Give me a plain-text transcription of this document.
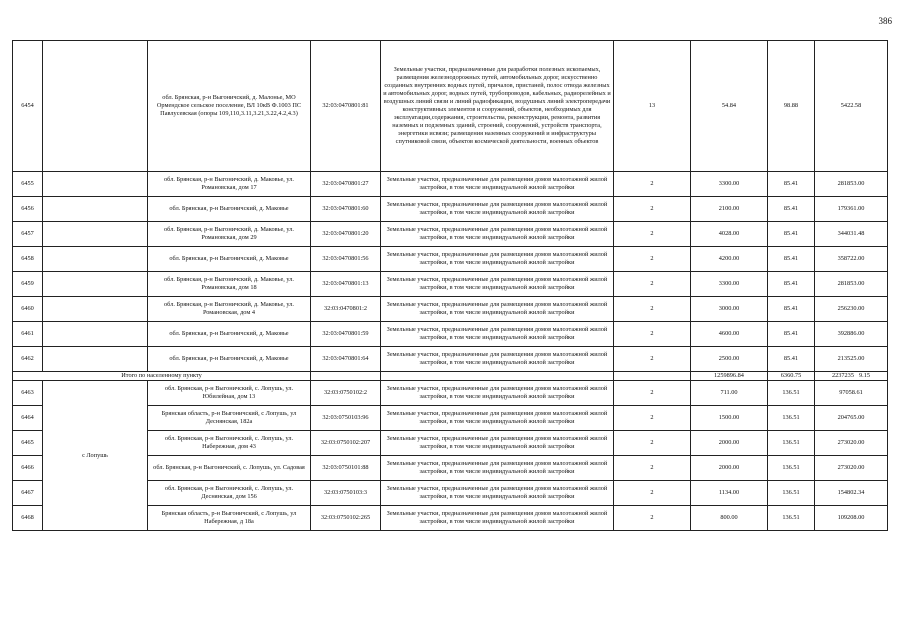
386
6454		обл. Брянская, р-н Выгоничский, д. Малонье, МО Ормендское сельское поселение, ВЛ 10кВ Ф.1003 ПС Павлусевская (опоры 109,110,3.11,3.21,3.22,4.2,4.3)	32:03:0470801:81	Земельные участки, предназначенные для разработки полезных ископаемых, размещения железнодорожных путей, автомобильных дорог, искусственно созданных внутренних водных путей, причалов, пристаней, полос отвода железных и автомобильных дорог, водных путей, трубопроводов, кабельных, радиорелейных и воздушных линий связи и линий радиофикации, воздушных линий электропередачи конструктивных элементов и сооружений, объектов, необходимых для эксплуатации,содержания, строительства, реконструкции, ремонта, развития наземных и подземных зданий, строений, сооружений, устройств транспорта, энергетики исвязи; размещения наземных сооружений и инфраструктуры спутниковой связи, объектов космической деятельности, военных объектов	13	54.84	98.88	5422.58
6455		обл. Брянская, р-н Выгоничский, д. Маковье, ул. Романовская, дом 17	32:03:0470801:27	Земельные участки, предназначенные для размещения домов малоэтажной жилой застройки, в том числе индивидуальной жилой застройки	2	3300.00	85.41	281853.00
6456		обл. Брянская, р-н Выгоничский, д. Маковье	32:03:0470801:60	Земельные участки, предназначенные для размещения домов малоэтажной жилой застройки, в том числе индивидуальной жилой застройки	2	2100.00	85.41	179361.00
6457		обл. Брянская, р-н Выгоничский, д. Маковье, ул. Романовская, дом 29	32:03:0470801:20	Земельные участки, предназначенные для размещения домов малоэтажной жилой застройки, в том числе индивидуальной жилой застройки	2	4028.00	85.41	344031.48
6458		обл. Брянская, р-н Выгоничский, д. Маковье	32:03:0470801:56	Земельные участки, предназначенные для размещения домов малоэтажной жилой застройки, в том числе индивидуальной жилой застройки	2	4200.00	85.41	358722.00
6459		обл. Брянская, р-н Выгоничский, д. Маковье, ул. Романовская, дом 18	32:03:0470801:13	Земельные участки, предназначенные для размещения домов малоэтажной жилой застройки, в том числе индивидуальной жилой застройки	2	3300.00	85.41	281853.00
6460		обл. Брянская, р-н Выгоничский, д. Маковье, ул. Романовская, дом 4	32:03:0470801:2	Земельные участки, предназначенные для размещения домов малоэтажной жилой застройки, в том числе индивидуальной жилой застройки	2	3000.00	85.41	256230.00
6461		обл. Брянская, р-н Выгоничский, д. Маковье	32:03:0470801:59	Земельные участки, предназначенные для размещения домов малоэтажной жилой застройки, в том числе индивидуальной жилой застройки	2	4600.00	85.41	392886.00
6462		обл. Брянская, р-н Выгоничский, д. Маковье	32:03:0470801:64	Земельные участки, предназначенные для размещения домов малоэтажной жилой застройки, в том числе индивидуальной жилой застройки	2	2500.00	85.41	213525.00
Итого по населенному пункту						1259896.84	6360.75	22372359.15
6463	с Лопушь	обл. Брянская, р-н Выгоничский, с. Лопушь, ул. Юбилейная, дом 13	32:03:0750102:2	Земельные участки, предназначенные для размещения домов малоэтажной жилой застройки, в том числе индивидуальной жилой застройки	2	711.00	136.51	97058.61
6464		Брянская область, р-н Выгоничский, с Лопушь, ул Деснянская, 182а	32:03:0750103:96	Земельные участки, предназначенные для размещения домов малоэтажной жилой застройки, в том числе индивидуальной жилой застройки	2	1500.00	136.51	204765.00
6465		обл. Брянская, р-н Выгоничский, с. Лопушь, ул. Набережная, дом 43	32:03:0750102:207	Земельные участки, предназначенные для размещения домов малоэтажной жилой застройки, в том числе индивидуальной жилой застройки	2	2000.00	136.51	273020.00
6466		обл. Брянская, р-н Выгоничский, с. Лопушь, ул. Садовая	32:03:0750101:88	Земельные участки, предназначенные для размещения домов малоэтажной жилой застройки, в том числе индивидуальной жилой застройки	2	2000.00	136.51	273020.00
6467		обл. Брянская, р-н Выгоничский, с. Лопушь, ул. Деснянская, дом 156	32:03:0750103:3	Земельные участки, предназначенные для размещения домов малоэтажной жилой застройки, в том числе индивидуальной жилой застройки	2	1134.00	136.51	154802.34
6468		Брянская область, р-н Выгоничский, с Лопушь, ул Набережная, д 18а	32:03:0750102:265	Земельные участки, предназначенные для размещения домов малоэтажной жилой застройки, в том числе индивидуальной жилой застройки	2	800.00	136.51	109208.00
